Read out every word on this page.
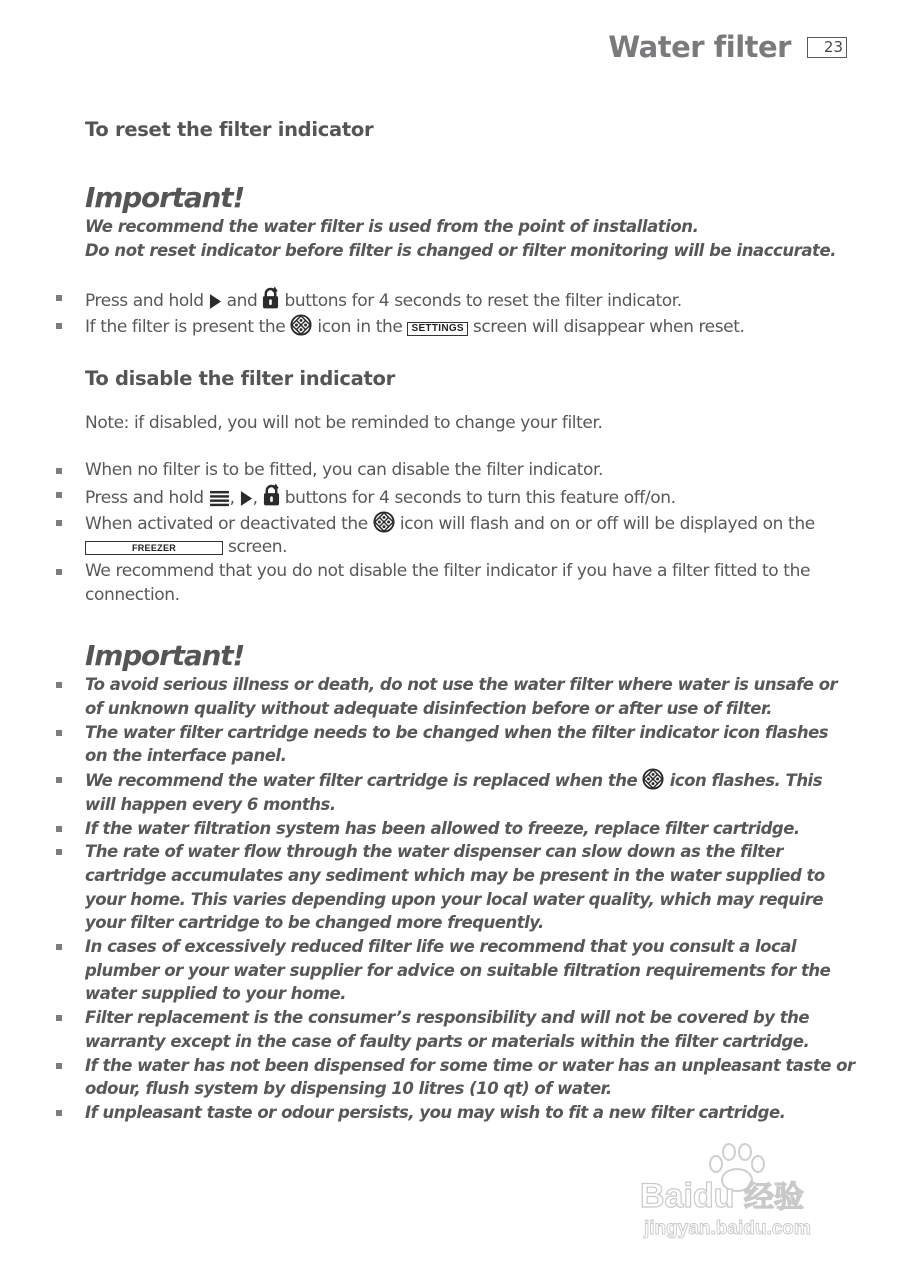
Water filter	23
To reset the filter indicator
Important!
We recommend the water filter is used from the point of installation.
Do not reset indicator before filter is changed or filter monitoring will be inaccurate.
Press and hold and buttons for 4 seconds to reset the filter indicator.
If the filter is present the icon in the SETTINGS screen will disappear when reset.
To disable the filter indicator
Note: if disabled, you will not be reminded to change your filter.
When no filter is to be fitted, you can disable the filter indicator.
Press and hold , , buttons for 4 seconds to turn this feature off/on.
When activated or deactivated the icon will flash and on or off will be displayed on the
FREEZER	screen.
We recommend that you do not disable the filter indicator if you have a filter fitted to the connection.
Important!
To avoid serious illness or death, do not use the water filter where water is unsafe or of unknown quality without adequate disinfection before or after use of filter.
The water filter cartridge needs to be changed when the filter indicator icon flashes on the interface panel.
We recommend the water filter cartridge is replaced when the icon flashes. This will happen every 6 months.
If the water filtration system has been allowed to freeze, replace filter cartridge.
The rate of water flow through the water dispenser can slow down as the filter cartridge accumulates any sediment which may be present in the water supplied to your home. This varies depending upon your local water quality, which may require your filter cartridge to be changed more frequently.
In cases of excessively reduced filter life we recommend that you consult a local plumber or your water supplier for advice on suitable filtration requirements for the water supplied to your home.
Filter replacement is the consumer’s responsibility and will not be covered by the warranty except in the case of faulty parts or materials within the filter cartridge.
If the water has not been dispensed for some time or water has an unpleasant taste or odour, flush system by dispensing 10 litres (10 qt) of water.
If unpleasant taste or odour persists, you may wish to fit a new filter cartridge.
Baidu 经验
jingyan.baidu.com
